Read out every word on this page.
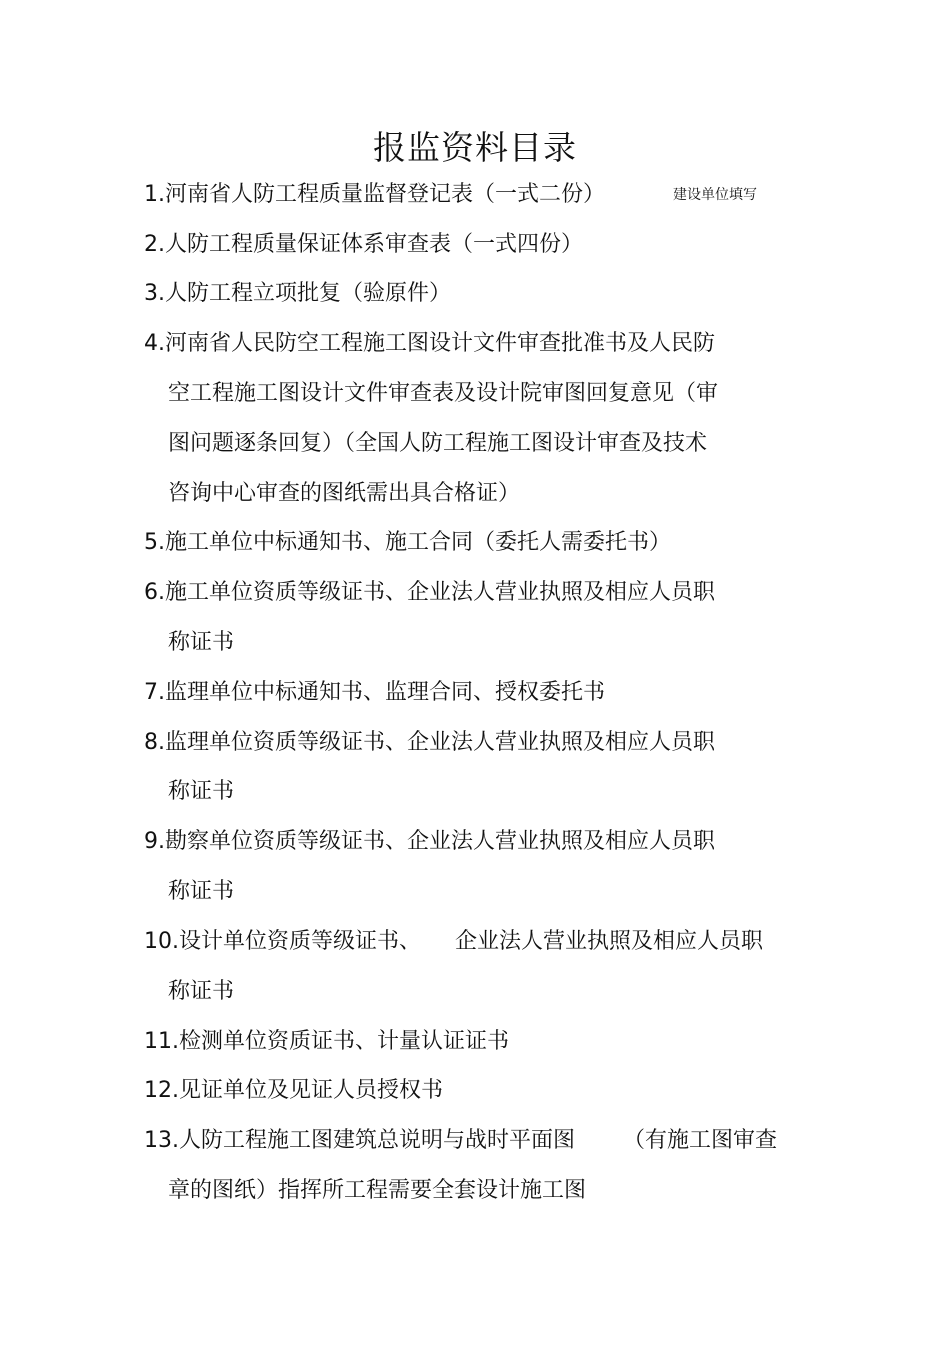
报监资料目录
建设单位填写
1.河南省人防工程质量监督登记表（一式二份）
2.人防工程质量保证体系审查表（一式四份）
3.人防工程立项批复（验原件）
4.河南省人民防空工程施工图设计文件审查批准书及人民防
空工程施工图设计文件审查表及设计院审图回复意见（审
图问题逐条回复）（全国人防工程施工图设计审查及技术
咨询中心审查的图纸需出具合格证）
5.施工单位中标通知书、施工合同（委托人需委托书）
6.施工单位资质等级证书、企业法人营业执照及相应人员职
称证书
7.监理单位中标通知书、监理合同、授权委托书
8.监理单位资质等级证书、企业法人营业执照及相应人员职
称证书
9.勘察单位资质等级证书、企业法人营业执照及相应人员职
称证书
10.设计单位资质等级证书、 企业法人营业执照及相应人员职
称证书
11.检测单位资质证书、计量认证证书
12.见证单位及见证人员授权书
13.人防工程施工图建筑总说明与战时平面图 （有施工图审查
章的图纸）指挥所工程需要全套设计施工图
